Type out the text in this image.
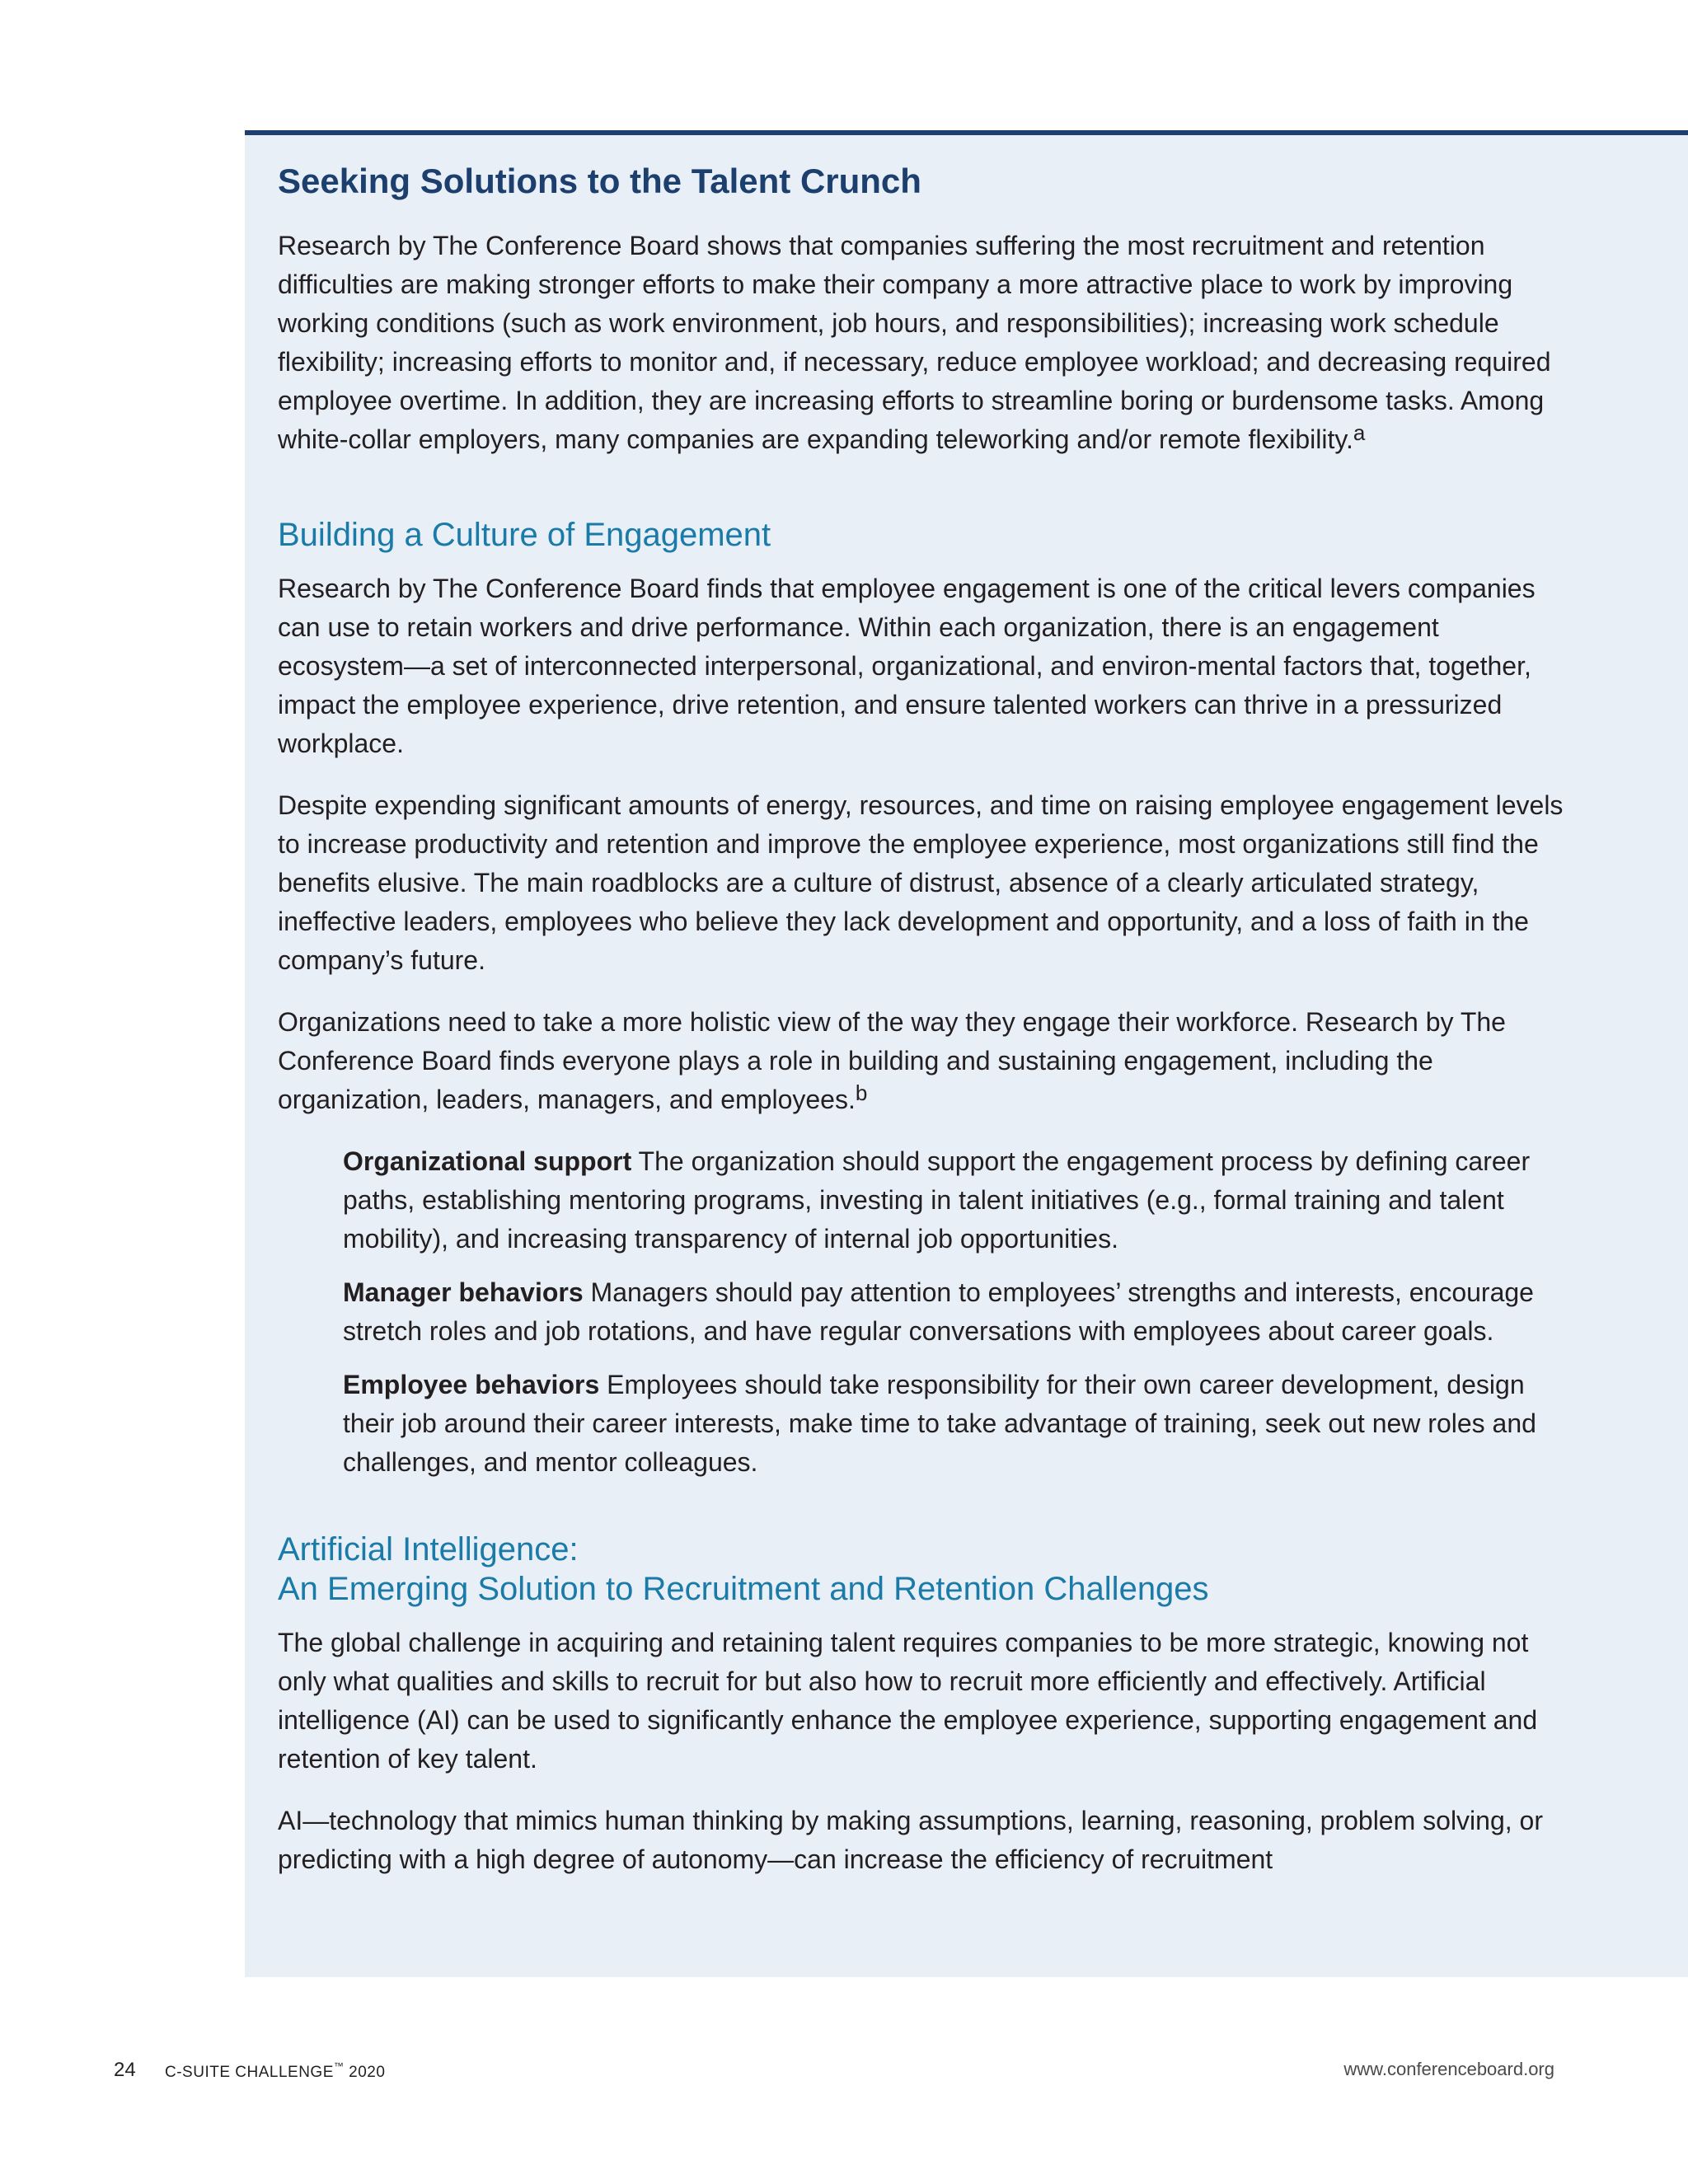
Seeking Solutions to the Talent Crunch

Research by The Conference Board shows that companies suffering the most recruitment and retention difficulties are making stronger efforts to make their company a more attractive place to work by improving working conditions (such as work environment, job hours, and responsibilities); increasing work schedule flexibility; increasing efforts to monitor and, if necessary, reduce employee workload; and decreasing required employee overtime. In addition, they are increasing efforts to streamline boring or burdensome tasks. Among white-collar employers, many companies are expanding teleworking and/or remote flexibility.$^a$

Building a Culture of Engagement

Research by The Conference Board finds that employee engagement is one of the critical levers companies can use to retain workers and drive performance. Within each organization, there is an engagement ecosystem—a set of interconnected interpersonal, organizational, and environ-mental factors that, together, impact the employee experience, drive retention, and ensure talented workers can thrive in a pressurized workplace.

Despite expending significant amounts of energy, resources, and time on raising employee engagement levels to increase productivity and retention and improve the employee experience, most organizations still find the benefits elusive. The main roadblocks are a culture of distrust, absence of a clearly articulated strategy, ineffective leaders, employees who believe they lack development and opportunity, and a loss of faith in the company’s future.

Organizations need to take a more holistic view of the way they engage their workforce. Research by The Conference Board finds everyone plays a role in building and sustaining engagement, including the organization, leaders, managers, and employees.$^b$

Organizational support The organization should support the engagement process by defining career paths, establishing mentoring programs, investing in talent initiatives (e.g., formal training and talent mobility), and increasing transparency of internal job opportunities.

Manager behaviors Managers should pay attention to employees’ strengths and interests, encourage stretch roles and job rotations, and have regular conversations with employees about career goals.

Employee behaviors Employees should take responsibility for their own career development, design their job around their career interests, make time to take advantage of training, seek out new roles and challenges, and mentor colleagues.

Artificial Intelligence:
An Emerging Solution to Recruitment and Retention Challenges

The global challenge in acquiring and retaining talent requires companies to be more strategic, knowing not only what qualities and skills to recruit for but also how to recruit more efficiently and effectively. Artificial intelligence (AI) can be used to significantly enhance the employee experience, supporting engagement and retention of key talent.

AI—technology that mimics human thinking by making assumptions, learning, reasoning, problem solving, or predicting with a high degree of autonomy—can increase the efficiency of recruitment

24 C-SUITE CHALLENGE™ 2020	www.conferenceboard.org
